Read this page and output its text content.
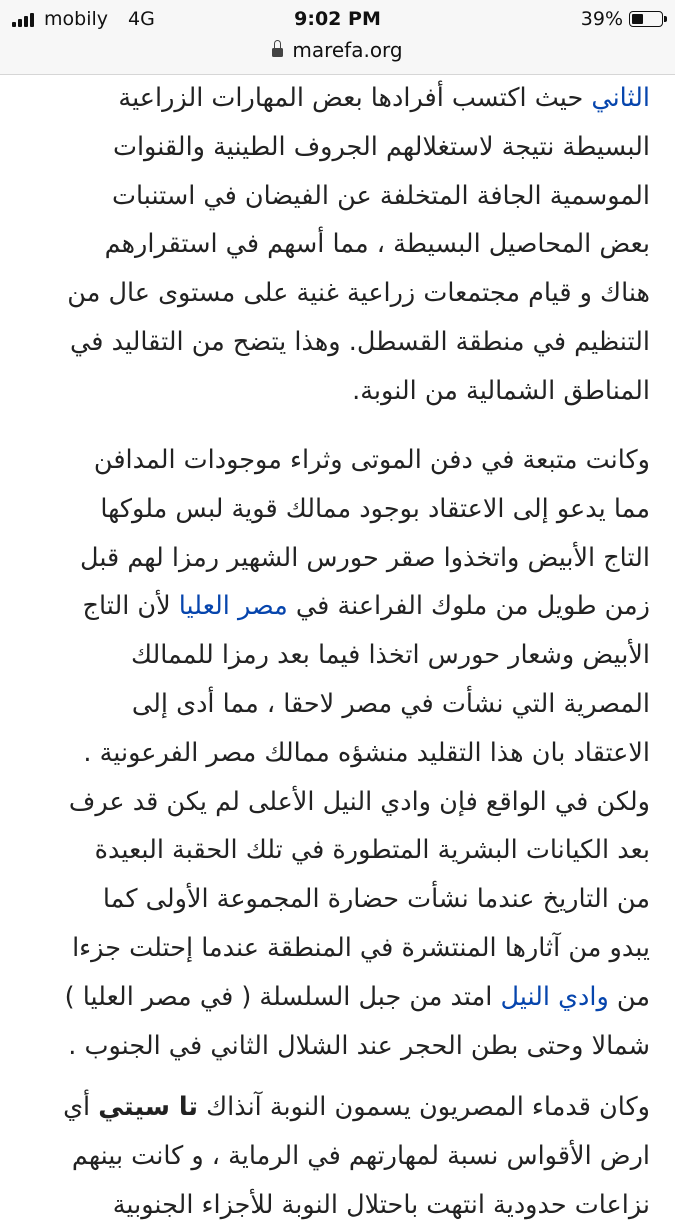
mobily 4G	9:02 PM	39%
marefa.org
الثاني حيث اكتسب أفرادها بعض المهارات الزراعية
البسيطة نتيجة لاستغلالهم الجروف الطينية والقنوات
الموسمية الجافة المتخلفة عن الفيضان في استنبات
بعض المحاصيل البسيطة ، مما أسهم في استقرارهم
هناك و قيام مجتمعات زراعية غنية على مستوى عال من
التنظيم في منطقة القسطل. وهذا يتضح من التقاليد في
المناطق الشمالية من النوبة.
وكانت متبعة في دفن الموتى وثراء موجودات المدافن
مما يدعو إلى الاعتقاد بوجود ممالك قوية لبس ملوكها
التاج الأبيض واتخذوا صقر حورس الشهير رمزا لهم قبل
زمن طويل من ملوك الفراعنة في مصر العليا لأن التاج
الأبيض وشعار حورس اتخذا فيما بعد رمزا للممالك
المصرية التي نشأت في مصر لاحقا ، مما أدى إلى
الاعتقاد بان هذا التقليد منشؤه ممالك مصر الفرعونية .
ولكن في الواقع فإن وادي النيل الأعلى لم يكن قد عرف
بعد الكيانات البشرية المتطورة في تلك الحقبة البعيدة
من التاريخ عندما نشأت حضارة المجموعة الأولى كما
يبدو من آثارها المنتشرة في المنطقة عندما إحتلت جزءا
من وادي النيل امتد من جبل السلسلة ( في مصر العليا )
شمالا وحتى بطن الحجر عند الشلال الثاني في الجنوب .
وكان قدماء المصريون يسمون النوبة آنذاك تا سيتي أي
ارض الأقواس نسبة لمهارتهم في الرماية ، و كانت بينهم
نزاعات حدودية انتهت باحتلال النوبة للأجزاء الجنوبية
